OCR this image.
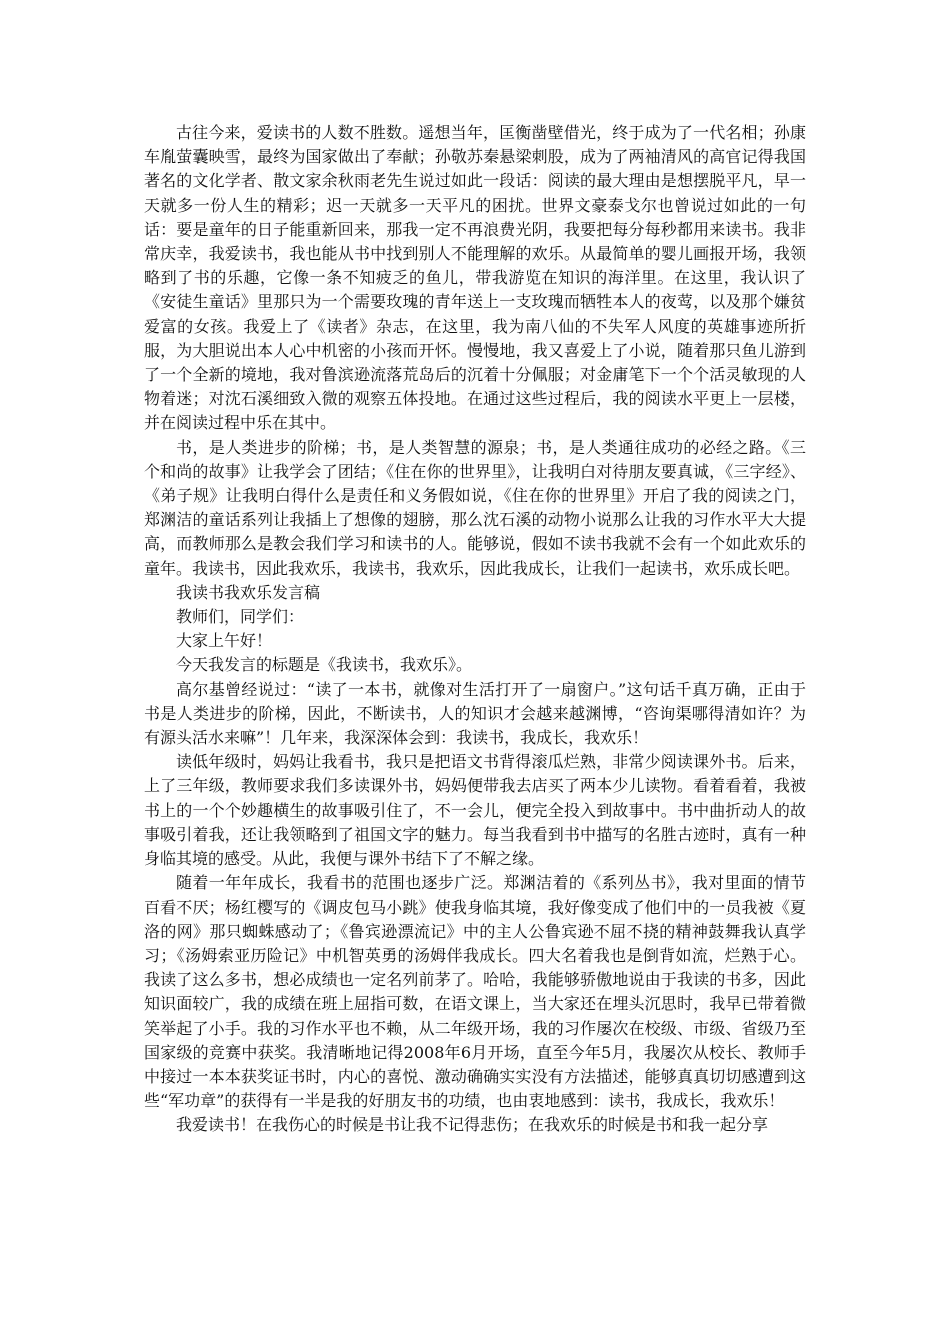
古往今来，爱读书的人数不胜数。遥想当年，匡衡凿壁借光，终于成为了一代名相；孙康车胤萤囊映雪，最终为国家做出了奉献；孙敬苏秦悬梁刺股，成为了两袖清风的高官记得我国著名的文化学者、散文家余秋雨老先生说过如此一段话：阅读的最大理由是想摆脱平凡，早一天就多一份人生的精彩；迟一天就多一天平凡的困扰。世界文豪泰戈尔也曾说过如此的一句话：要是童年的日子能重新回来，那我一定不再浪费光阴，我要把每分每秒都用来读书。我非常庆幸，我爱读书，我也能从书中找到别人不能理解的欢乐。从最简单的婴儿画报开场，我领略到了书的乐趣，它像一条不知疲乏的鱼儿，带我游览在知识的海洋里。在这里，我认识了《安徒生童话》里那只为一个需要玫瑰的青年送上一支玫瑰而牺牲本人的夜莺，以及那个嫌贫爱富的女孩。我爱上了《读者》杂志，在这里，我为南八仙的不失军人风度的英雄事迹所折服，为大胆说出本人心中机密的小孩而开怀。慢慢地，我又喜爱上了小说，随着那只鱼儿游到了一个全新的境地，我对鲁滨逊流落荒岛后的沉着十分佩服；对金庸笔下一个个活灵敏现的人物着迷；对沈石溪细致入微的观察五体投地。在通过这些过程后，我的阅读水平更上一层楼，并在阅读过程中乐在其中。

书，是人类进步的阶梯；书，是人类智慧的源泉；书，是人类通往成功的必经之路。《三个和尚的故事》让我学会了团结；《住在你的世界里》，让我明白对待朋友要真诚，《三字经》、《弟子规》让我明白得什么是责任和义务假如说，《住在你的世界里》开启了我的阅读之门，郑渊洁的童话系列让我插上了想像的翅膀，那么沈石溪的动物小说那么让我的习作水平大大提高，而教师那么是教会我们学习和读书的人。能够说，假如不读书我就不会有一个如此欢乐的童年。我读书，因此我欢乐，我读书，我欢乐，因此我成长，让我们一起读书，欢乐成长吧。

我读书我欢乐发言稿

教师们，同学们：

大家上午好！

今天我发言的标题是《我读书，我欢乐》。

高尔基曾经说过：“读了一本书，就像对生活打开了一扇窗户。”这句话千真万确，正由于书是人类进步的阶梯，因此，不断读书，人的知识才会越来越渊博，“咨询渠哪得清如许？为有源头活水来嘛”！几年来，我深深体会到：我读书，我成长，我欢乐！

读低年级时，妈妈让我看书，我只是把语文书背得滚瓜烂熟，非常少阅读课外书。后来，上了三年级，教师要求我们多读课外书，妈妈便带我去店买了两本少儿读物。看着看着，我被书上的一个个妙趣横生的故事吸引住了，不一会儿，便完全投入到故事中。书中曲折动人的故事吸引着我，还让我领略到了祖国文字的魅力。每当我看到书中描写的名胜古迹时，真有一种身临其境的感受。从此，我便与课外书结下了不解之缘。

随着一年年成长，我看书的范围也逐步广泛。郑渊洁着的《系列丛书》，我对里面的情节百看不厌；杨红樱写的《调皮包马小跳》使我身临其境，我好像变成了他们中的一员我被《夏洛的网》那只蜘蛛感动了；《鲁宾逊漂流记》中的主人公鲁宾逊不屈不挠的精神鼓舞我认真学习；《汤姆索亚历险记》中机智英勇的汤姆伴我成长。四大名着我也是倒背如流，烂熟于心。我读了这么多书，想必成绩也一定名列前茅了。哈哈，我能够骄傲地说由于我读的书多，因此知识面较广，我的成绩在班上屈指可数，在语文课上，当大家还在埋头沉思时，我早已带着微笑举起了小手。我的习作水平也不赖，从二年级开场，我的习作屡次在校级、市级、省级乃至国家级的竞赛中获奖。我清晰地记得2008年6月开场，直至今年5月，我屡次从校长、教师手中接过一本本获奖证书时，内心的喜悦、激动确确实实没有方法描述，能够真真切切感遭到这些“军功章”的获得有一半是我的好朋友书的功绩，也由衷地感到：读书，我成长，我欢乐！

我爱读书！在我伤心的时候是书让我不记得悲伤；在我欢乐的时候是书和我一起分享
